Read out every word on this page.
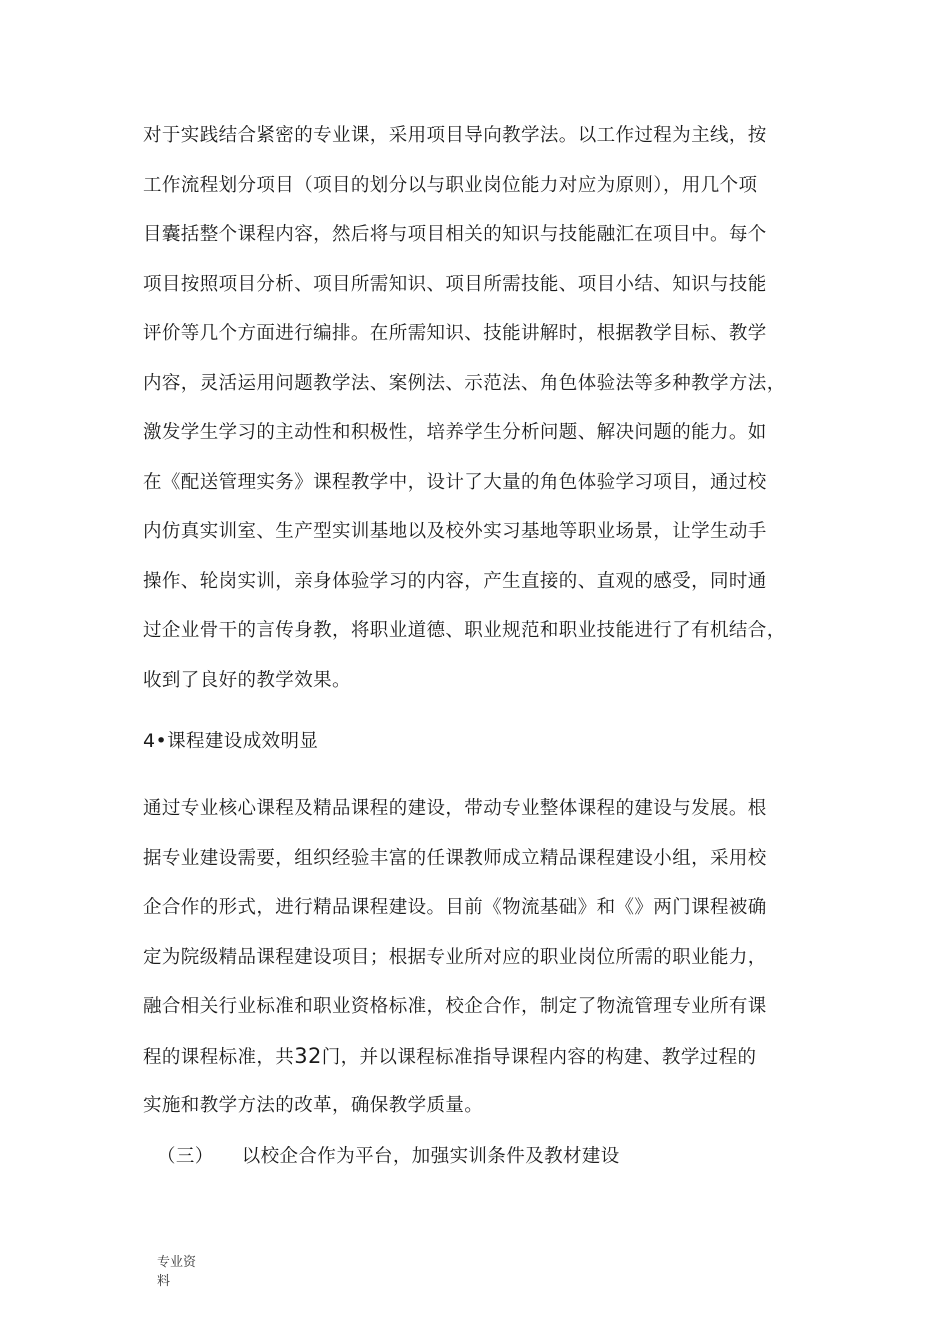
对于实践结合紧密的专业课，采用项目导向教学法。以工作过程为主线，按
工作流程划分项目（项目的划分以与职业岗位能力对应为原则），用几个项
目囊括整个课程内容，然后将与项目相关的知识与技能融汇在项目中。每个
项目按照项目分析、项目所需知识、项目所需技能、项目小结、知识与技能
评价等几个方面进行编排。在所需知识、技能讲解时，根据教学目标、教学
内容，灵活运用问题教学法、案例法、示范法、角色体验法等多种教学方法，
激发学生学习的主动性和积极性，培养学生分析问题、解决问题的能力。如
在《配送管理实务》课程教学中，设计了大量的角色体验学习项目，通过校
内仿真实训室、生产型实训基地以及校外实习基地等职业场景，让学生动手
操作、轮岗实训，亲身体验学习的内容，产生直接的、直观的感受，同时通
过企业骨干的言传身教，将职业道德、职业规范和职业技能进行了有机结合，
收到了良好的教学效果。
4•课程建设成效明显
通过专业核心课程及精品课程的建设，带动专业整体课程的建设与发展。根
据专业建设需要，组织经验丰富的任课教师成立精品课程建设小组，采用校
企合作的形式，进行精品课程建设。目前《物流基础》和《》两门课程被确
定为院级精品课程建设项目；根据专业所对应的职业岗位所需的职业能力，
融合相关行业标准和职业资格标准，校企合作，制定了物流管理专业所有课
程的课程标准，共32门，并以课程标准指导课程内容的构建、教学过程的
实施和教学方法的改革，确保教学质量。
（三） 以校企合作为平台，加强实训条件及教材建设
专业资
料
